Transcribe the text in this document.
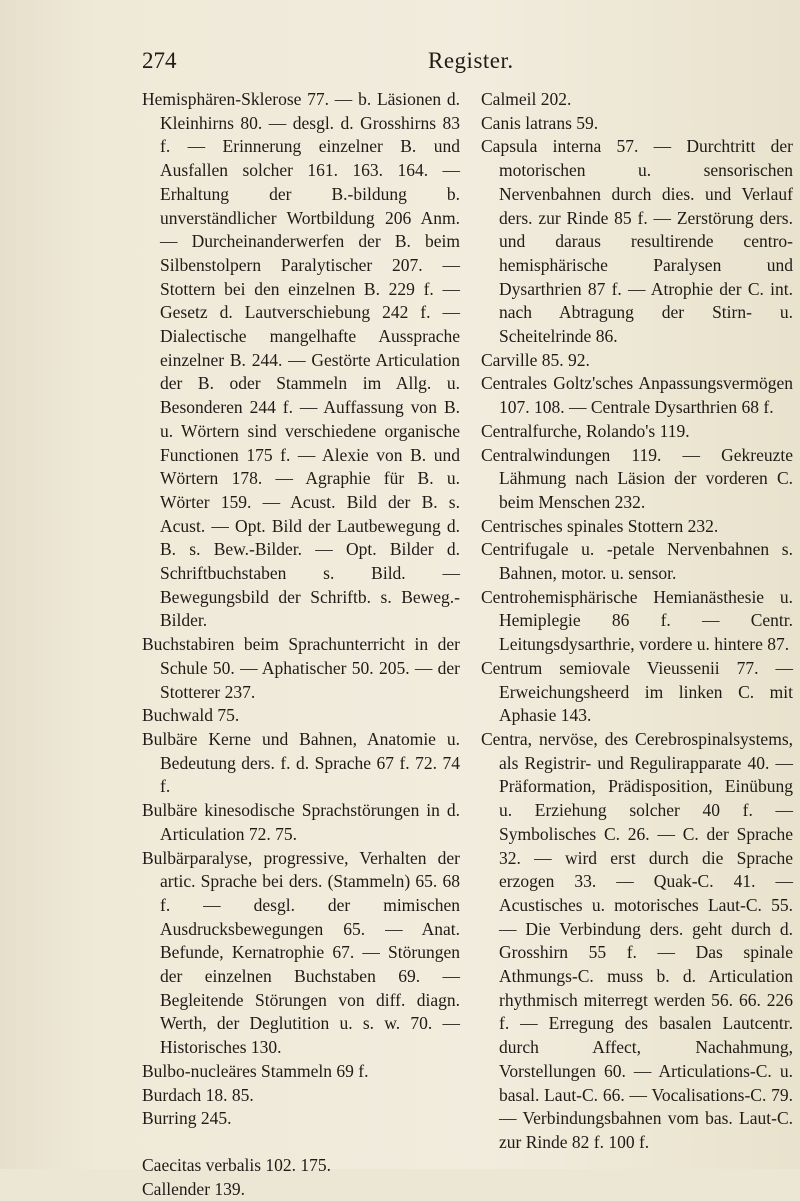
274	Register.
Hemisphären-Sklerose 77. — b. Läsionen d. Kleinhirns 80. — desgl. d. Grosshirns 83 f. — Erinnerung einzelner B. und Ausfallen solcher 161. 163. 164. — Erhaltung der B.-bildung b. unverständlicher Wortbildung 206 Anm. — Durcheinanderwerfen der B. beim Silbenstolpern Paralytischer 207. — Stottern bei den einzelnen B. 229 f. — Gesetz d. Lautverschiebung 242 f. — Dialectische mangelhafte Aussprache einzelner B. 244. — Gestörte Articulation der B. oder Stammeln im Allg. u. Besonderen 244 f. — Auffassung von B. u. Wörtern sind verschiedene organische Functionen 175 f. — Alexie von B. und Wörtern 178. — Agraphie für B. u. Wörter 159. — Acust. Bild der B. s. Acust. — Opt. Bild der Lautbewegung d. B. s. Bew.-Bilder. — Opt. Bilder d. Schriftbuchstaben s. Bild. — Bewegungsbild der Schriftb. s. Beweg.-Bilder.
Buchstabiren beim Sprachunterricht in der Schule 50. — Aphatischer 50. 205. — der Stotterer 237.
Buchwald 75.
Bulbäre Kerne und Bahnen, Anatomie u. Bedeutung ders. f. d. Sprache 67 f. 72. 74 f.
Bulbäre kinesodische Sprachstörungen in d. Articulation 72. 75.
Bulbärparalyse, progressive, Verhalten der artic. Sprache bei ders. (Stammeln) 65. 68 f. — desgl. der mimischen Ausdrucksbewegungen 65. — Anat. Befunde, Kernatrophie 67. — Störungen der einzelnen Buchstaben 69. — Begleitende Störungen von diff. diagn. Werth, der Deglutition u. s. w. 70. — Historisches 130.
Bulbo-nucleäres Stammeln 69 f.
Burdach 18. 85.
Burring 245.
Caecitas verbalis 102. 175.
Callender 139.
Calmeil 202.
Canis latrans 59.
Capsula interna 57. — Durchtritt der motorischen u. sensorischen Nervenbahnen durch dies. und Verlauf ders. zur Rinde 85 f. — Zerstörung ders. und daraus resultirende centro-hemisphärische Paralysen und Dysarthrien 87 f. — Atrophie der C. int. nach Abtragung der Stirn- u. Scheitelrinde 86.
Carville 85. 92.
Centrales Goltz'sches Anpassungsvermögen 107. 108. — Centrale Dysarthrien 68 f.
Centralfurche, Rolando's 119.
Centralwindungen 119. — Gekreuzte Lähmung nach Läsion der vorderen C. beim Menschen 232.
Centrisches spinales Stottern 232.
Centrifugale u. -petale Nervenbahnen s. Bahnen, motor. u. sensor.
Centrohemisphärische Hemianästhesie u. Hemiplegie 86 f. — Centr. Leitungsdysarthrie, vordere u. hintere 87.
Centrum semiovale Vieussenii 77. — Erweichungsheerd im linken C. mit Aphasie 143.
Centra, nervöse, des Cerebrospinalsystems, als Registrir- und Regulirapparate 40. — Präformation, Prädisposition, Einübung u. Erziehung solcher 40 f. — Symbolisches C. 26. — C. der Sprache 32. — wird erst durch die Sprache erzogen 33. — Quak-C. 41. — Acustisches u. motorisches Laut-C. 55. — Die Verbindung ders. geht durch d. Grosshirn 55 f. — Das spinale Athmungs-C. muss b. d. Articulation rhythmisch miterregt werden 56. 66. 226 f. — Erregung des basalen Lautcentr. durch Affect, Nachahmung, Vorstellungen 60. — Articulations-C. u. basal. Laut-C. 66. — Vocalisations-C. 79. — Verbindungsbahnen vom bas. Laut-C. zur Rinde 82 f. 100 f.
